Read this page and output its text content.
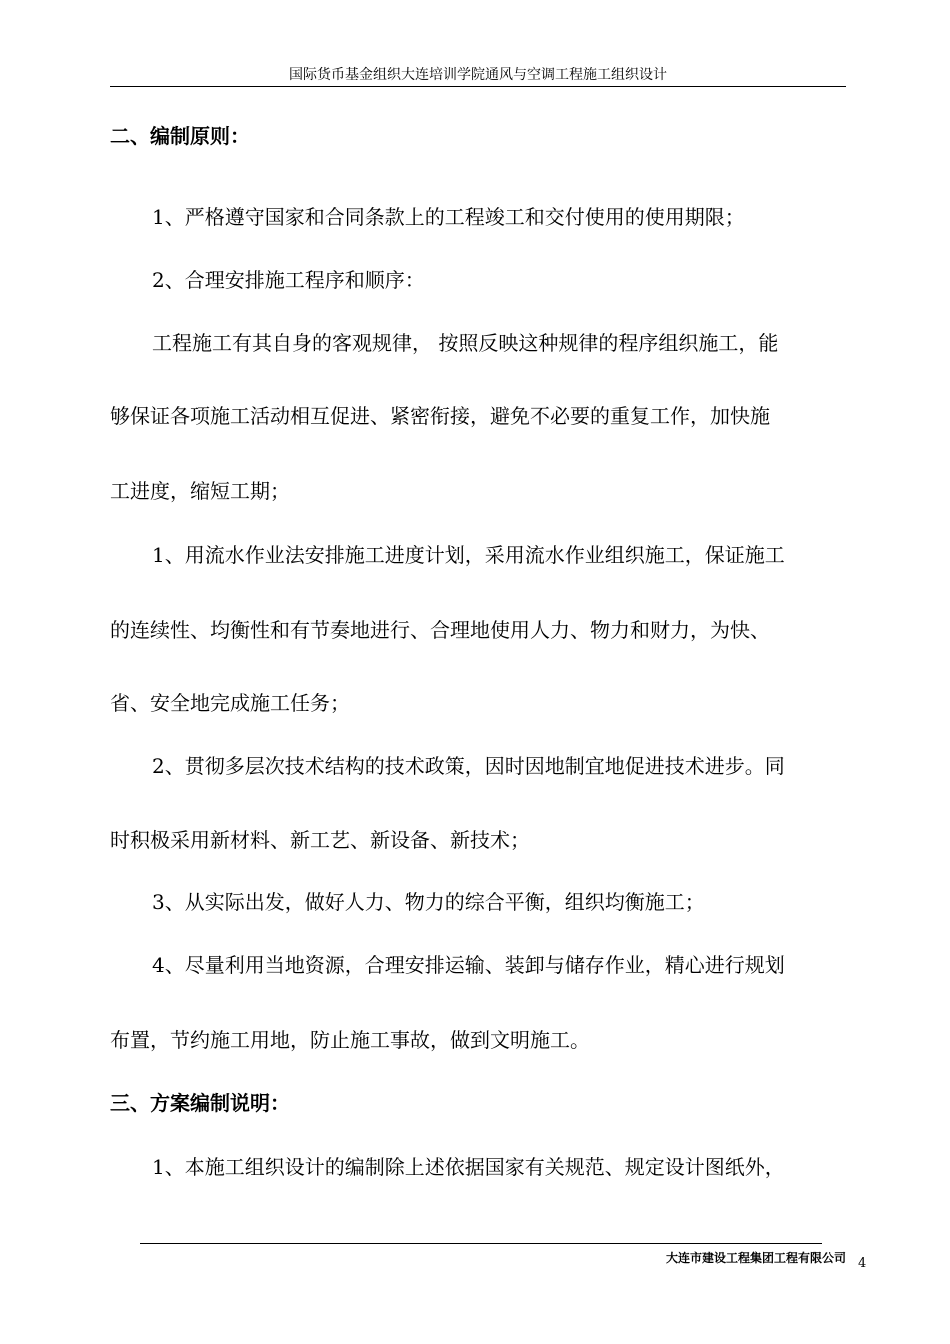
国际货币基金组织大连培训学院通风与空调工程施工组织设计
二、编制原则：
1、严格遵守国家和合同条款上的工程竣工和交付使用的使用期限；
2、合理安排施工程序和顺序：
工程施工有其自身的客观规律， 按照反映这种规律的程序组织施工，能
够保证各项施工活动相互促进、紧密衔接，避免不必要的重复工作，加快施
工进度，缩短工期；
1、用流水作业法安排施工进度计划，采用流水作业组织施工，保证施工
的连续性、均衡性和有节奏地进行、合理地使用人力、物力和财力，为快、
省、安全地完成施工任务；
2、贯彻多层次技术结构的技术政策，因时因地制宜地促进技术进步。同
时积极采用新材料、新工艺、新设备、新技术；
3、从实际出发，做好人力、物力的综合平衡，组织均衡施工；
4、尽量利用当地资源，合理安排运输、装卸与储存作业，精心进行规划
布置，节约施工用地，防止施工事故，做到文明施工。
三、方案编制说明：
1、本施工组织设计的编制除上述依据国家有关规范、规定设计图纸外，
大连市建设工程集团工程有限公司 4
